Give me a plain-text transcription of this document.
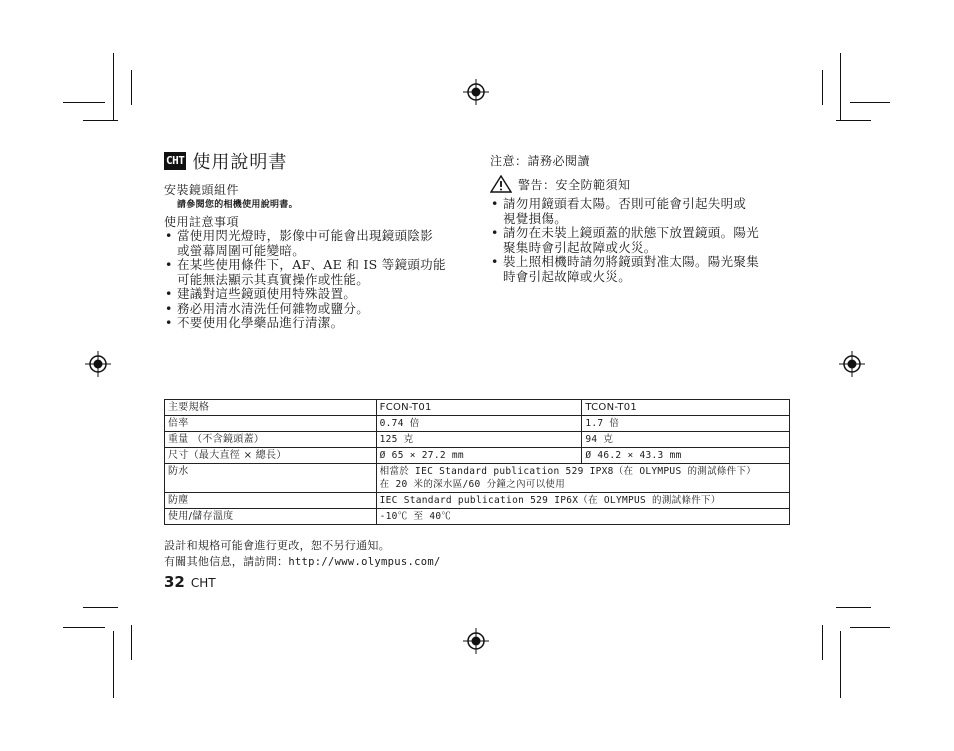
CHT 使用說明書
安裝鏡頭組件
請參閱您的相機使用說明書。
使用註意事項
• 當使用閃光燈時，影像中可能會出現鏡頭陰影
或螢幕周圍可能變暗。
• 在某些使用條件下，AF、AE 和 IS 等鏡頭功能
可能無法顯示其真實操作或性能。
• 建議對這些鏡頭使用特殊設置。
• 務必用清水清洗任何雜物或鹽分。
• 不要使用化學藥品進行清潔。
注意：請務必閱讀
警告：安全防範須知
• 請勿用鏡頭看太陽。否則可能會引起失明或
視覺損傷。
• 請勿在未裝上鏡頭蓋的狀態下放置鏡頭。陽光
聚集時會引起故障或火災。
• 裝上照相機時請勿將鏡頭對准太陽。陽光聚集
時會引起故障或火災。
主要規格	FCON-T01	TCON-T01
倍率	0.74 倍	1.7 倍
重量 （不含鏡頭蓋）	125 克	94 克
尺寸（最大直徑 × 總長）	Ø 65 × 27.2 mm	Ø 46.2 × 43.3 mm
防水	相當於 IEC Standard publication 529 IPX8（在 OLYMPUS 的測試條件下）
在 20 米的深水區/60 分鐘之內可以使用	
防塵	IEC Standard publication 529 IP6X（在 OLYMPUS 的測試條件下）	
使用/儲存溫度	-10℃ 至 40℃	
設計和規格可能會進行更改，恕不另行通知。
有關其他信息，請訪問：http://www.olympus.com/
32 CHT
